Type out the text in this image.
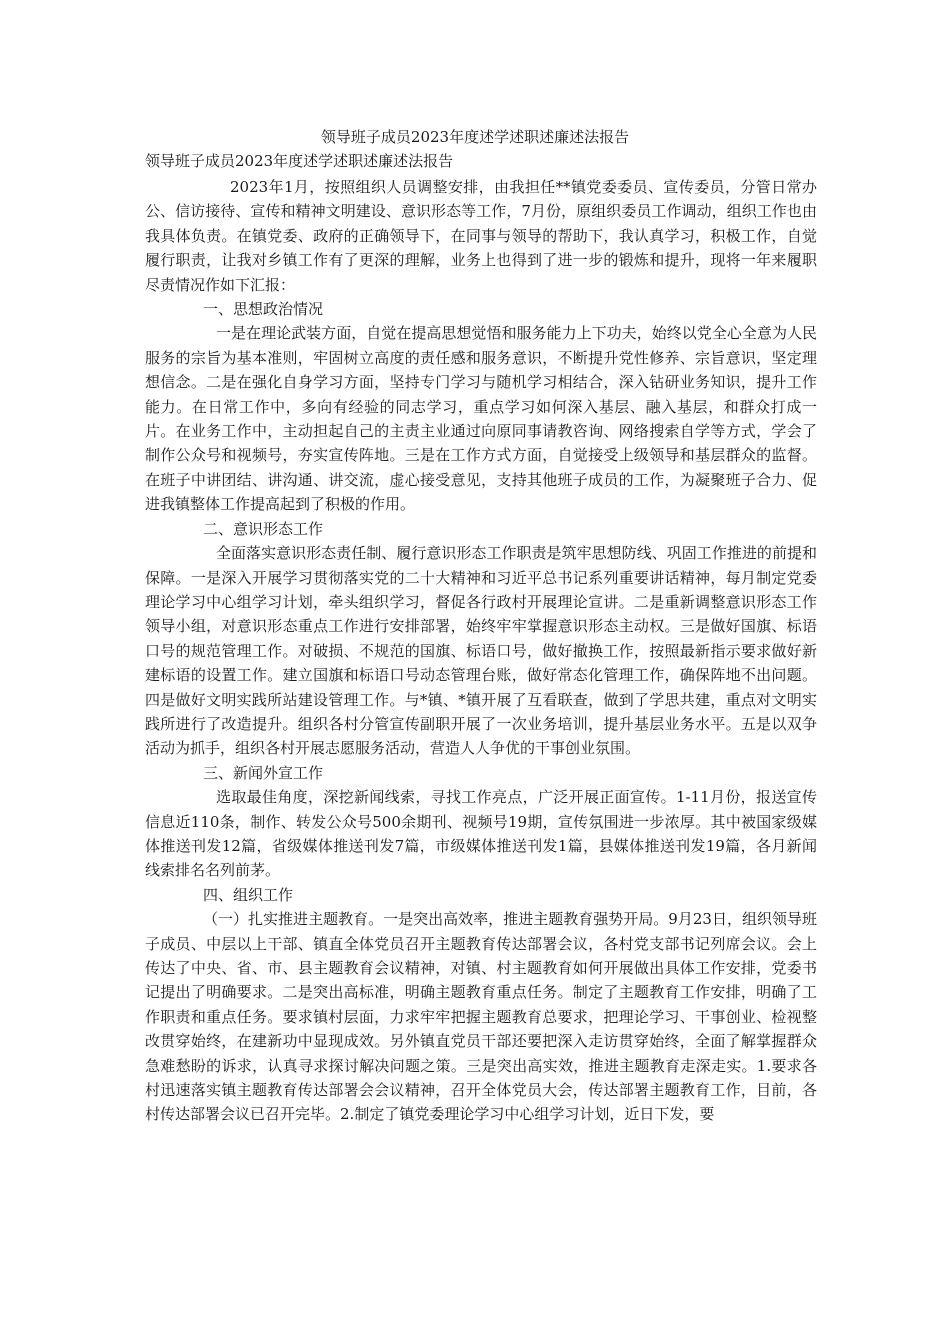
领导班子成员2023年度述学述职述廉述法报告
领导班子成员2023年度述学述职述廉述法报告

2023年1月，按照组织人员调整安排，由我担任**镇党委委员、宣传委员，分管日常办公、信访接待、宣传和精神文明建设、意识形态等工作，7月份，原组织委员工作调动，组织工作也由我具体负责。在镇党委、政府的正确领导下，在同事与领导的帮助下，我认真学习，积极工作，自觉履行职责，让我对乡镇工作有了更深的理解，业务上也得到了进一步的锻炼和提升，现将一年来履职尽责情况作如下汇报：

一、思想政治情况

一是在理论武装方面，自觉在提高思想觉悟和服务能力上下功夫，始终以党全心全意为人民服务的宗旨为基本准则，牢固树立高度的责任感和服务意识，不断提升党性修养、宗旨意识，坚定理想信念。二是在强化自身学习方面，坚持专门学习与随机学习相结合，深入钻研业务知识，提升工作能力。在日常工作中，多向有经验的同志学习，重点学习如何深入基层、融入基层，和群众打成一片。在业务工作中，主动担起自己的主责主业通过向原同事请教咨询、网络搜索自学等方式，学会了制作公众号和视频号，夯实宣传阵地。三是在工作方式方面，自觉接受上级领导和基层群众的监督。在班子中讲团结、讲沟通、讲交流，虚心接受意见，支持其他班子成员的工作，为凝聚班子合力、促进我镇整体工作提高起到了积极的作用。

二、意识形态工作

全面落实意识形态责任制、履行意识形态工作职责是筑牢思想防线、巩固工作推进的前提和保障。一是深入开展学习贯彻落实党的二十大精神和习近平总书记系列重要讲话精神，每月制定党委理论学习中心组学习计划，牵头组织学习，督促各行政村开展理论宣讲。二是重新调整意识形态工作领导小组，对意识形态重点工作进行安排部署，始终牢牢掌握意识形态主动权。三是做好国旗、标语口号的规范管理工作。对破损、不规范的国旗、标语口号，做好撤换工作，按照最新指示要求做好新建标语的设置工作。建立国旗和标语口号动态管理台账，做好常态化管理工作，确保阵地不出问题。四是做好文明实践所站建设管理工作。与*镇、*镇开展了互看联查，做到了学思共建，重点对文明实践所进行了改造提升。组织各村分管宣传副职开展了一次业务培训，提升基层业务水平。五是以双争活动为抓手，组织各村开展志愿服务活动，营造人人争优的干事创业氛围。

三、新闻外宣工作

选取最佳角度，深挖新闻线索，寻找工作亮点，广泛开展正面宣传。1-11月份，报送宣传信息近110条，制作、转发公众号500余期刊、视频号19期，宣传氛围进一步浓厚。其中被国家级媒体推送刊发12篇，省级媒体推送刊发7篇，市级媒体推送刊发1篇，县媒体推送刊发19篇，各月新闻线索排名名列前茅。

四、组织工作

（一）扎实推进主题教育。一是突出高效率，推进主题教育强势开局。9月23日，组织领导班子成员、中层以上干部、镇直全体党员召开主题教育传达部署会议，各村党支部书记列席会议。会上传达了中央、省、市、县主题教育会议精神，对镇、村主题教育如何开展做出具体工作安排，党委书记提出了明确要求。二是突出高标准，明确主题教育重点任务。制定了主题教育工作安排，明确了工作职责和重点任务。要求镇村层面，力求牢牢把握主题教育总要求，把理论学习、干事创业、检视整改贯穿始终，在建新功中显现成效。另外镇直党员干部还要把深入走访贯穿始终，全面了解掌握群众急难愁盼的诉求，认真寻求探讨解决问题之策。三是突出高实效，推进主题教育走深走实。1.要求各村迅速落实镇主题教育传达部署会会议精神，召开全体党员大会，传达部署主题教育工作，目前，各村传达部署会议已召开完毕。2.制定了镇党委理论学习中心组学习计划，近日下发，要
